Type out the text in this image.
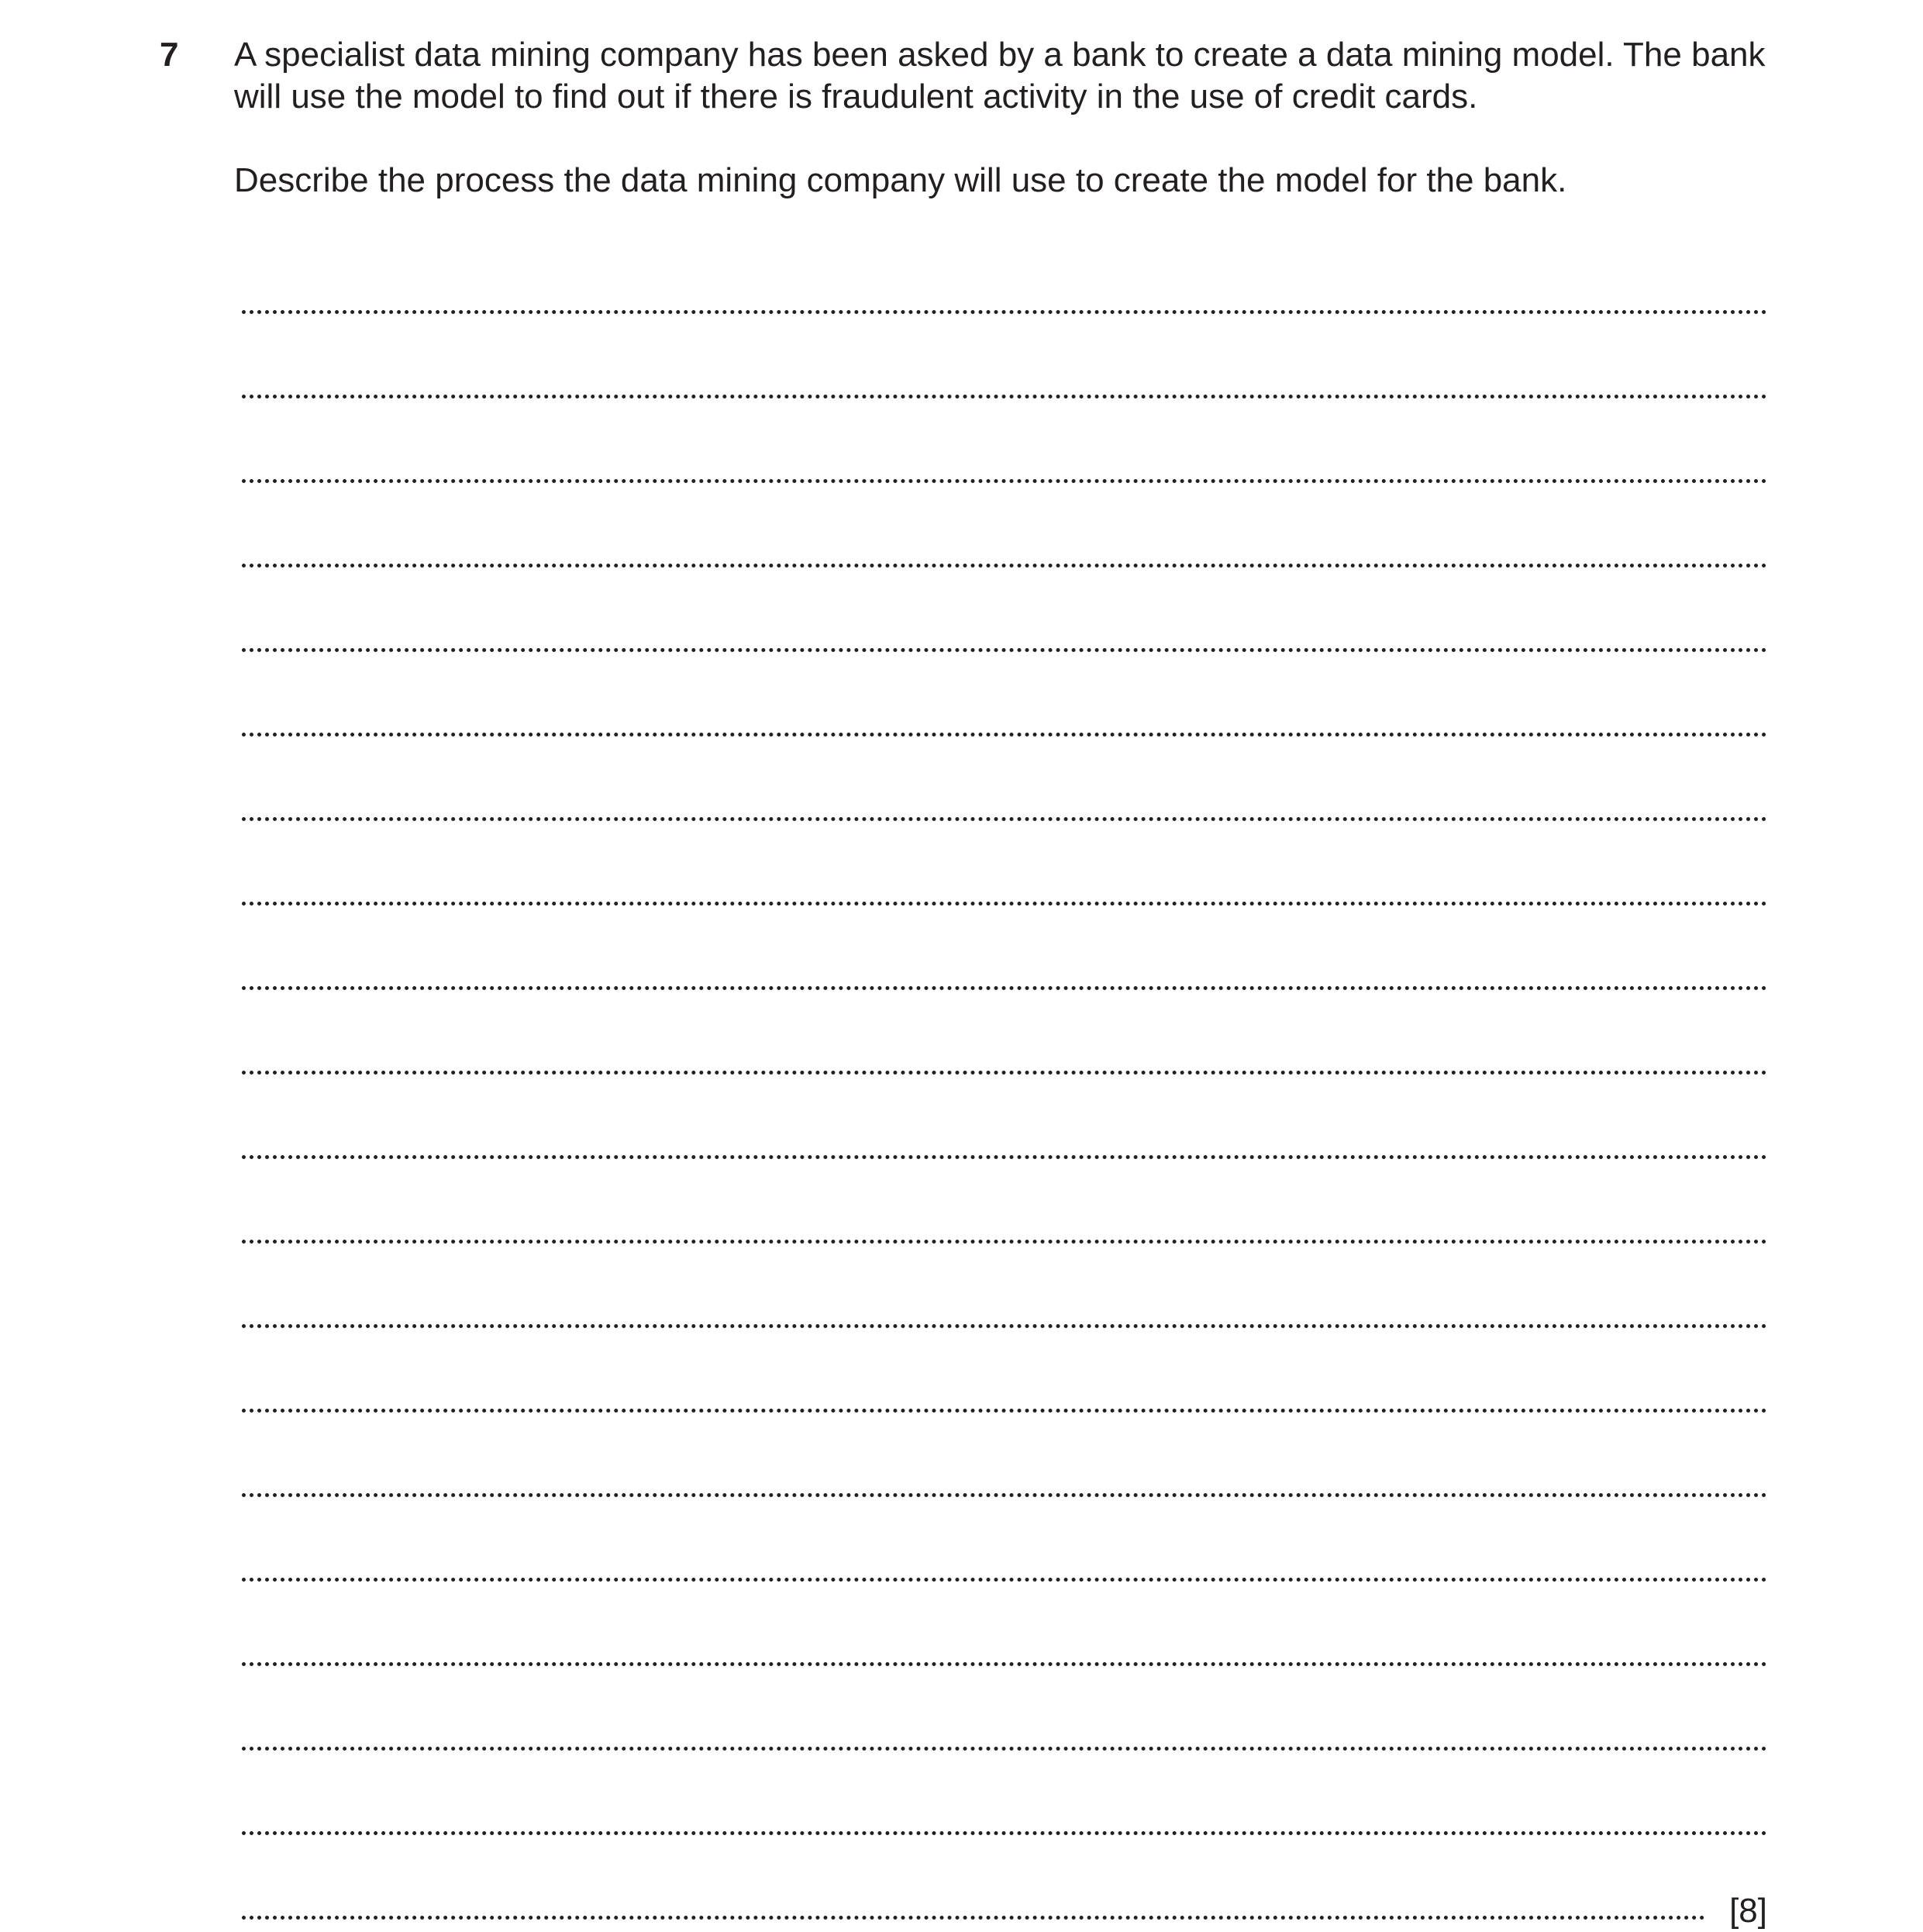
7 A specialist data mining company has been asked by a bank to create a data mining model. The bank will use the model to find out if there is fraudulent activity in the use of credit cards.

Describe the process the data mining company will use to create the model for the bank.

[8]
